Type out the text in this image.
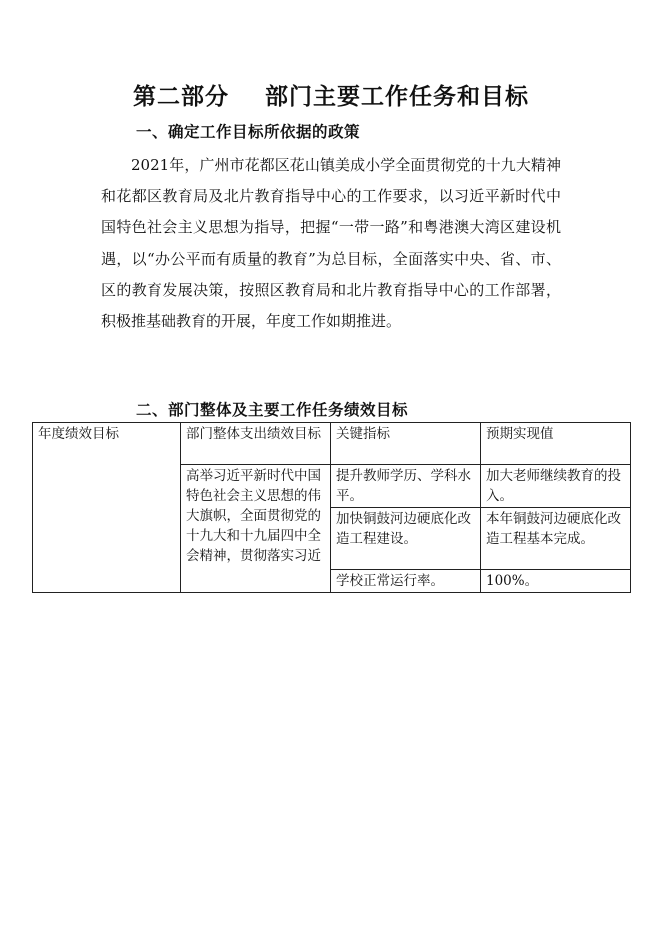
第二部分    部门主要工作任务和目标
一、确定工作目标所依据的政策
2021年，广州市花都区花山镇美成小学全面贯彻党的十九大精神和花都区教育局及北片教育指导中心的工作要求，以习近平新时代中国特色社会主义思想为指导，把握“一带一路”和粤港澳大湾区建设机遇，以“办公平而有质量的教育”为总目标，全面落实中央、省、市、区的教育发展决策，按照区教育局和北片教育指导中心的工作部署，积极推基础教育的开展，年度工作如期推进。
二、部门整体及主要工作任务绩效目标
年度绩效目标	部门整体支出绩效目标	关键指标	预期实现值

	高举习近平新时代中国特色社会主义思想的伟大旗帜，全面贯彻党的十九大和十九届四中全会精神，贯彻落实习近	提升教师学历、学科水平。	加大老师继续教育的投入。
		加快铜鼓河边硬底化改造工程建设。	本年铜鼓河边硬底化改造工程基本完成。
		学校正常运行率。	100%。
